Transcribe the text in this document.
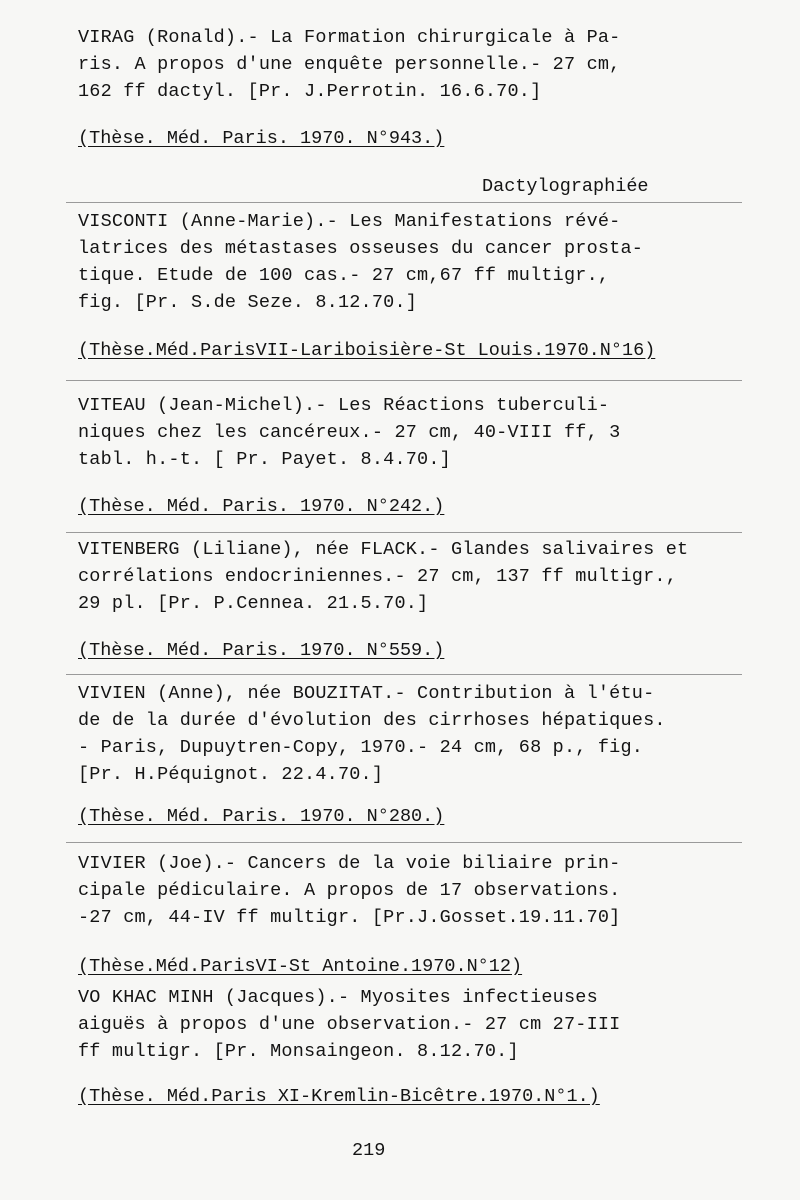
VIRAG (Ronald).- La Formation chirurgicale à Pa-
ris. A propos d'une enquête personnelle.- 27 cm,
162 ff dactyl. [Pr. J.Perrotin. 16.6.70.]
(Thèse. Méd. Paris. 1970. N°943.)
Dactylographiée
VISCONTI (Anne-Marie).- Les Manifestations révé-
latrices des métastases osseuses du cancer prosta-
tique. Etude de 100 cas.- 27 cm,67 ff multigr.,
fig. [Pr. S.de Seze. 8.12.70.]
(Thèse.Méd.ParisVII-Lariboisière-St Louis.1970.N°16)
VITEAU (Jean-Michel).- Les Réactions tuberculi-
niques chez les cancéreux.- 27 cm, 40-VIII ff, 3
tabl. h.-t. [ Pr. Payet. 8.4.70.]
(Thèse. Méd. Paris. 1970. N°242.)
VITENBERG (Liliane), née FLACK.- Glandes salivaires et
corrélations endocriniennes.- 27 cm, 137 ff multigr.,
29 pl. [Pr. P.Cennea. 21.5.70.]
(Thèse. Méd. Paris. 1970. N°559.)
VIVIEN (Anne), née BOUZITAT.- Contribution à l'étu-
de de la durée d'évolution des cirrhoses hépatiques.
- Paris, Dupuytren-Copy, 1970.- 24 cm, 68 p., fig.
[Pr. H.Péquignot. 22.4.70.]
(Thèse. Méd. Paris. 1970. N°280.)
VIVIER (Joe).- Cancers de la voie biliaire prin-
cipale pédiculaire. A propos de 17 observations.
-27 cm, 44-IV ff multigr. [Pr.J.Gosset.19.11.70]
(Thèse.Méd.ParisVI-St Antoine.1970.N°12)
VO KHAC MINH (Jacques).- Myosites infectieuses
aiguës à propos d'une observation.- 27 cm 27-III
ff multigr. [Pr. Monsaingeon. 8.12.70.]
(Thèse. Méd.Paris XI-Kremlin-Bicêtre.1970.N°1.)
219
